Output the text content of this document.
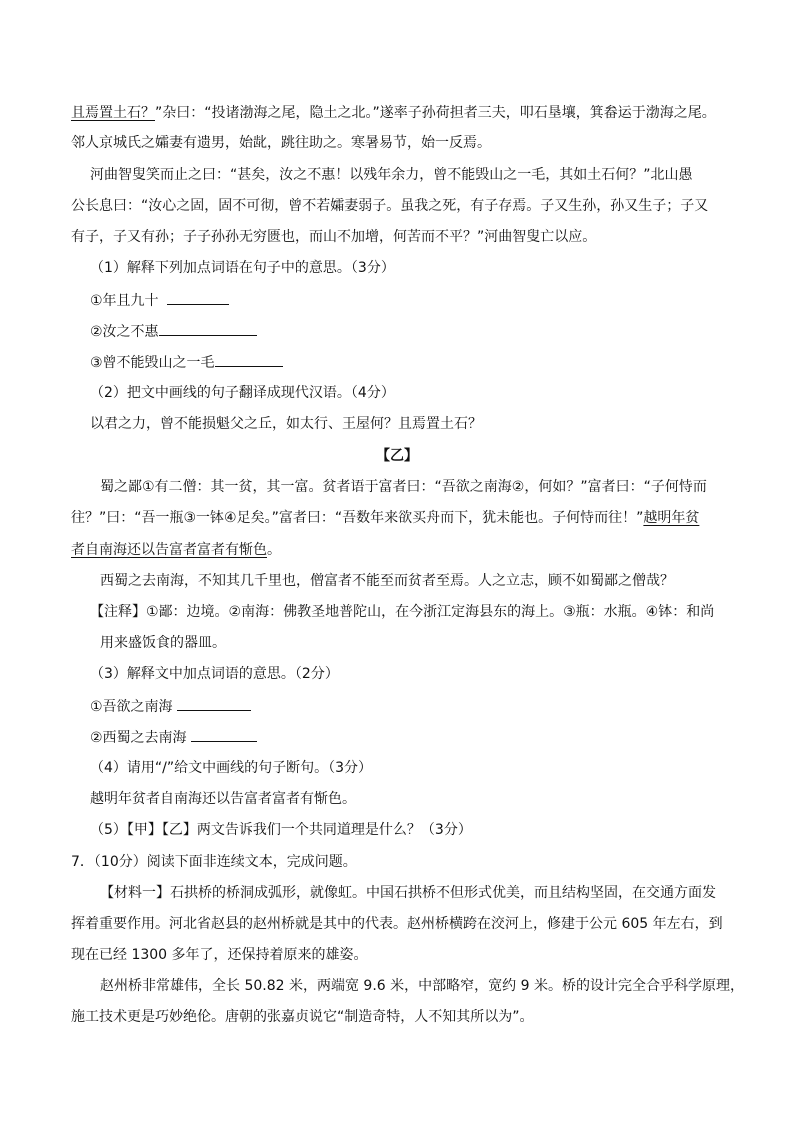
且焉置土石？”杂曰：“投诸渤海之尾，隐土之北。”遂率子孙荷担者三夫，叩石垦壤，箕畚运于渤海之尾。
邻人京城氏之孀妻有遗男，始龀，跳往助之。寒暑易节，始一反焉。
河曲智叟笑而止之曰：“甚矣，汝之不惠！以残年余力，曾不能毁山之一毛，其如土石何？”北山愚
公长息曰：“汝心之固，固不可彻，曾不若孀妻弱子。虽我之死，有子存焉。子又生孙，孙又生子；子又
有子，子又有孙；子子孙孙无穷匮也，而山不加增，何苦而不平？”河曲智叟亡以应。
（1）解释下列加点词语在句子中的意思。（3分）
①年且九十
②汝之不惠
③曾不能毁山之一毛
（2）把文中画线的句子翻译成现代汉语。（4分）
以君之力，曾不能损魁父之丘，如太行、王屋何？且焉置土石？
【乙】
蜀之鄙①有二僧：其一贫，其一富。贫者语于富者曰：“吾欲之南海②，何如？”富者曰：“子何恃而
往？”曰：“吾一瓶③一钵④足矣。”富者曰：“吾数年来欲买舟而下，犹未能也。子何恃而往！”越明年贫
者自南海还以告富者富者有惭色。
西蜀之去南海，不知其几千里也，僧富者不能至而贫者至焉。人之立志，顾不如蜀鄙之僧哉？
【注释】①鄙：边境。②南海：佛教圣地普陀山，在今浙江定海县东的海上。③瓶：水瓶。④钵：和尚
用来盛饭食的器皿。
（3）解释文中加点词语的意思。（2分）
①吾欲之南海
②西蜀之去南海
（4）请用“/”给文中画线的句子断句。（3分）
越明年贫者自南海还以告富者富者有惭色。
（5）【甲】【乙】两文告诉我们一个共同道理是什么？（3分）
7．（10分）阅读下面非连续文本，完成问题。
【材料一】石拱桥的桥洞成弧形，就像虹。中国石拱桥不但形式优美，而且结构坚固，在交通方面发
挥着重要作用。河北省赵县的赵州桥就是其中的代表。赵州桥横跨在洨河上，修建于公元 605 年左右，到
现在已经 1300 多年了，还保持着原来的雄姿。
赵州桥非常雄伟，全长 50.82 米，两端宽 9.6 米，中部略窄，宽约 9 米。桥的设计完全合乎科学原理，
施工技术更是巧妙绝伦。唐朝的张嘉贞说它“制造奇特，人不知其所以为”。
